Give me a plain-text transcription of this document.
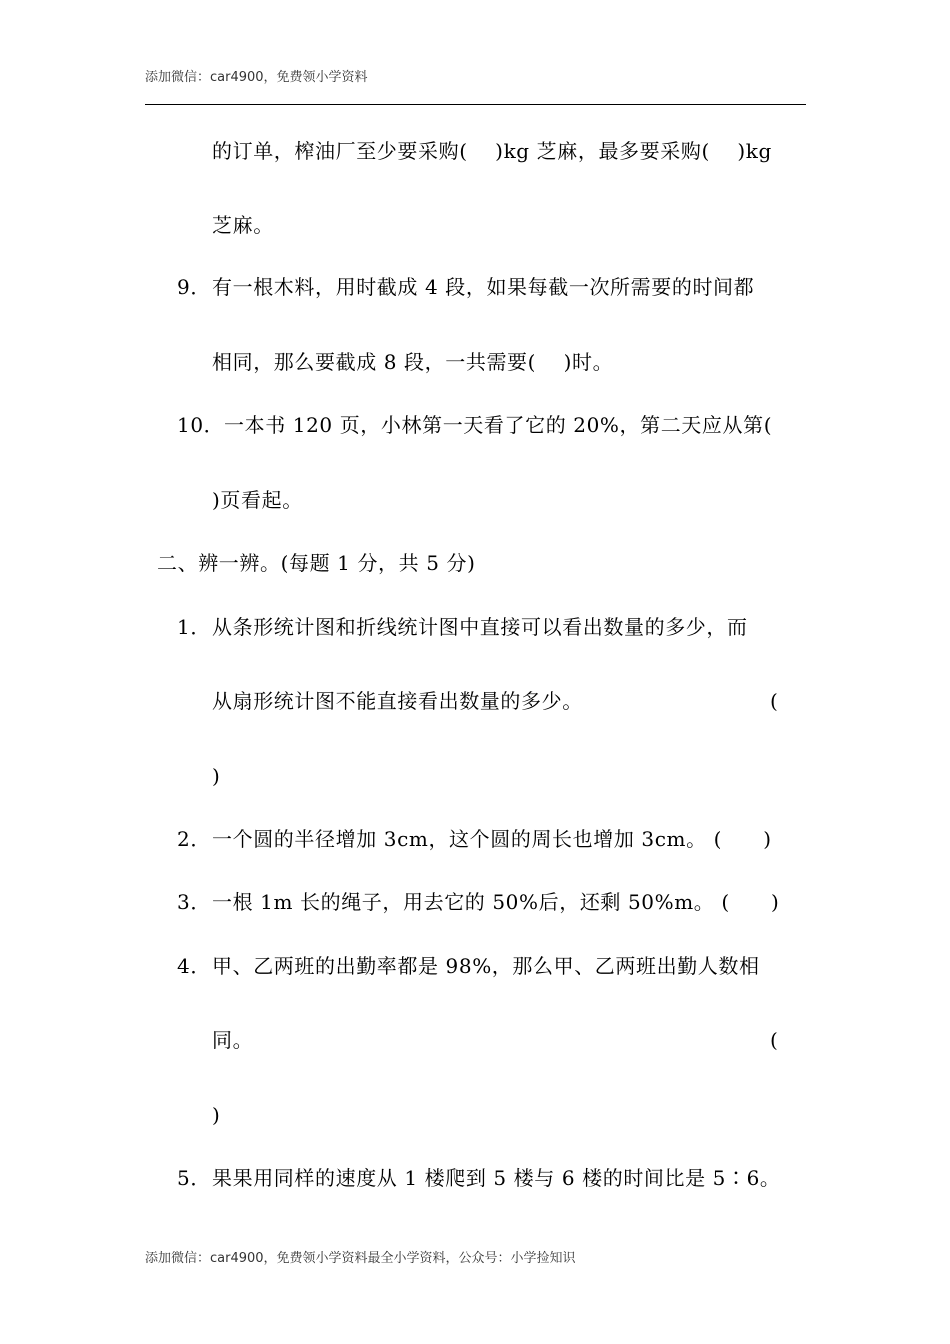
添加微信：car4900，免费领小学资料
的订单，榨油厂至少要采购(　 )kg 芝麻，最多要采购(　 )kg
芝麻。
9． 有一根木料，用时截成 4 段，如果每截一次所需要的时间都
相同，那么要截成 8 段，一共需要(　 )时。
10． 一本书 120 页，小林第一天看了它的 20%，第二天应从第(
)页看起。
二、辨一辨。(每题 1 分，共 5 分)
1． 从条形统计图和折线统计图中直接可以看出数量的多少，而
从扇形统计图不能直接看出数量的多少。	(
)
2． 一个圆的半径增加 3cm，这个圆的周长也增加 3cm。 (　　)
3． 一根 1m 长的绳子，用去它的 50%后，还剩 50%m。 (　　)
4． 甲、乙两班的出勤率都是 98%，那么甲、乙两班出勤人数相
同。	(
)
5． 果果用同样的速度从 1 楼爬到 5 楼与 6 楼的时间比是 5∶6。
添加微信：car4900，免费领小学资料最全小学资料，公众号：小学捡知识
